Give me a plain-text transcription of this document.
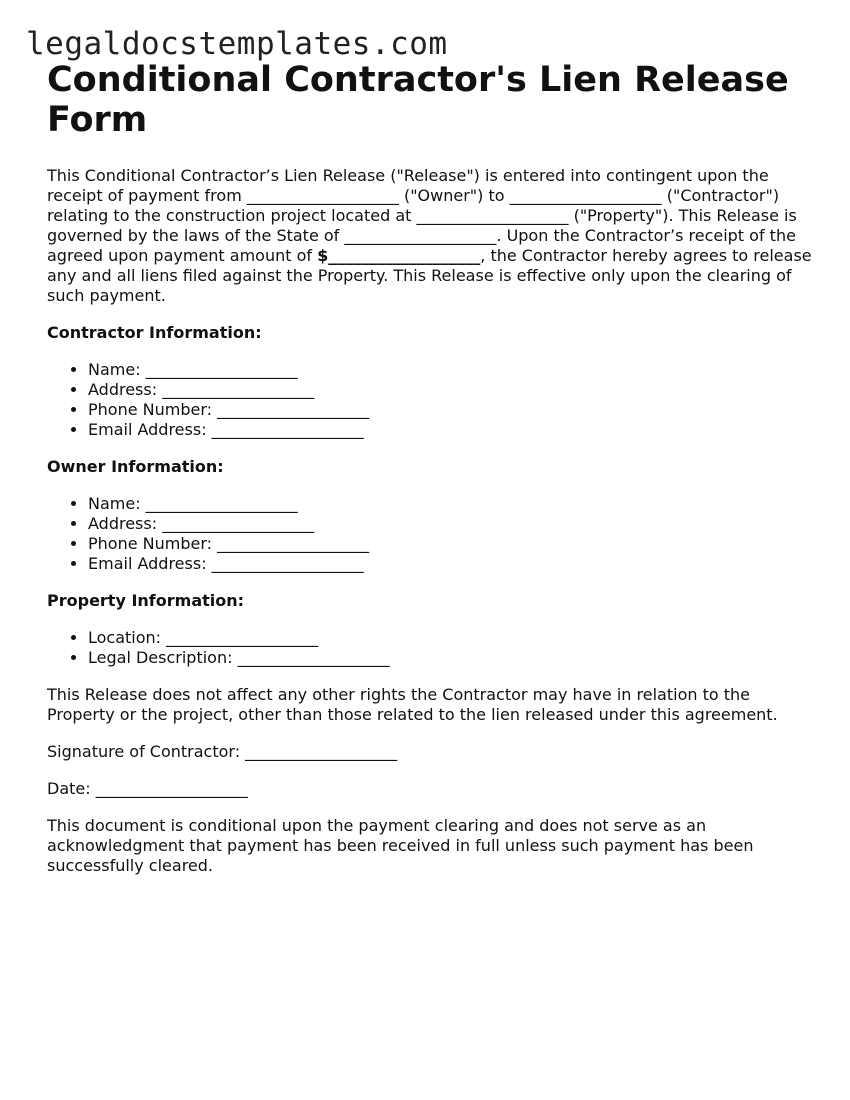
legaldocstemplates.com
Conditional Contractor's Lien Release Form

This Conditional Contractor’s Lien Release ("Release") is entered into contingent upon the receipt of payment from ___________________ ("Owner") to ___________________ ("Contractor") relating to the construction project located at ___________________ ("Property"). This Release is governed by the laws of the State of ___________________. Upon the Contractor’s receipt of the agreed upon payment amount of $___________________, the Contractor hereby agrees to release any and all liens filed against the Property. This Release is effective only upon the clearing of such payment.

Contractor Information:
• Name: ___________________
• Address: ___________________
• Phone Number: ___________________
• Email Address: ___________________
Owner Information:
• Name: ___________________
• Address: ___________________
• Phone Number: ___________________
• Email Address: ___________________
Property Information:
• Location: ___________________
• Legal Description: ___________________

This Release does not affect any other rights the Contractor may have in relation to the Property or the project, other than those related to the lien released under this agreement.

Signature of Contractor: ___________________

Date: ___________________

This document is conditional upon the payment clearing and does not serve as an acknowledgment that payment has been received in full unless such payment has been successfully cleared.
